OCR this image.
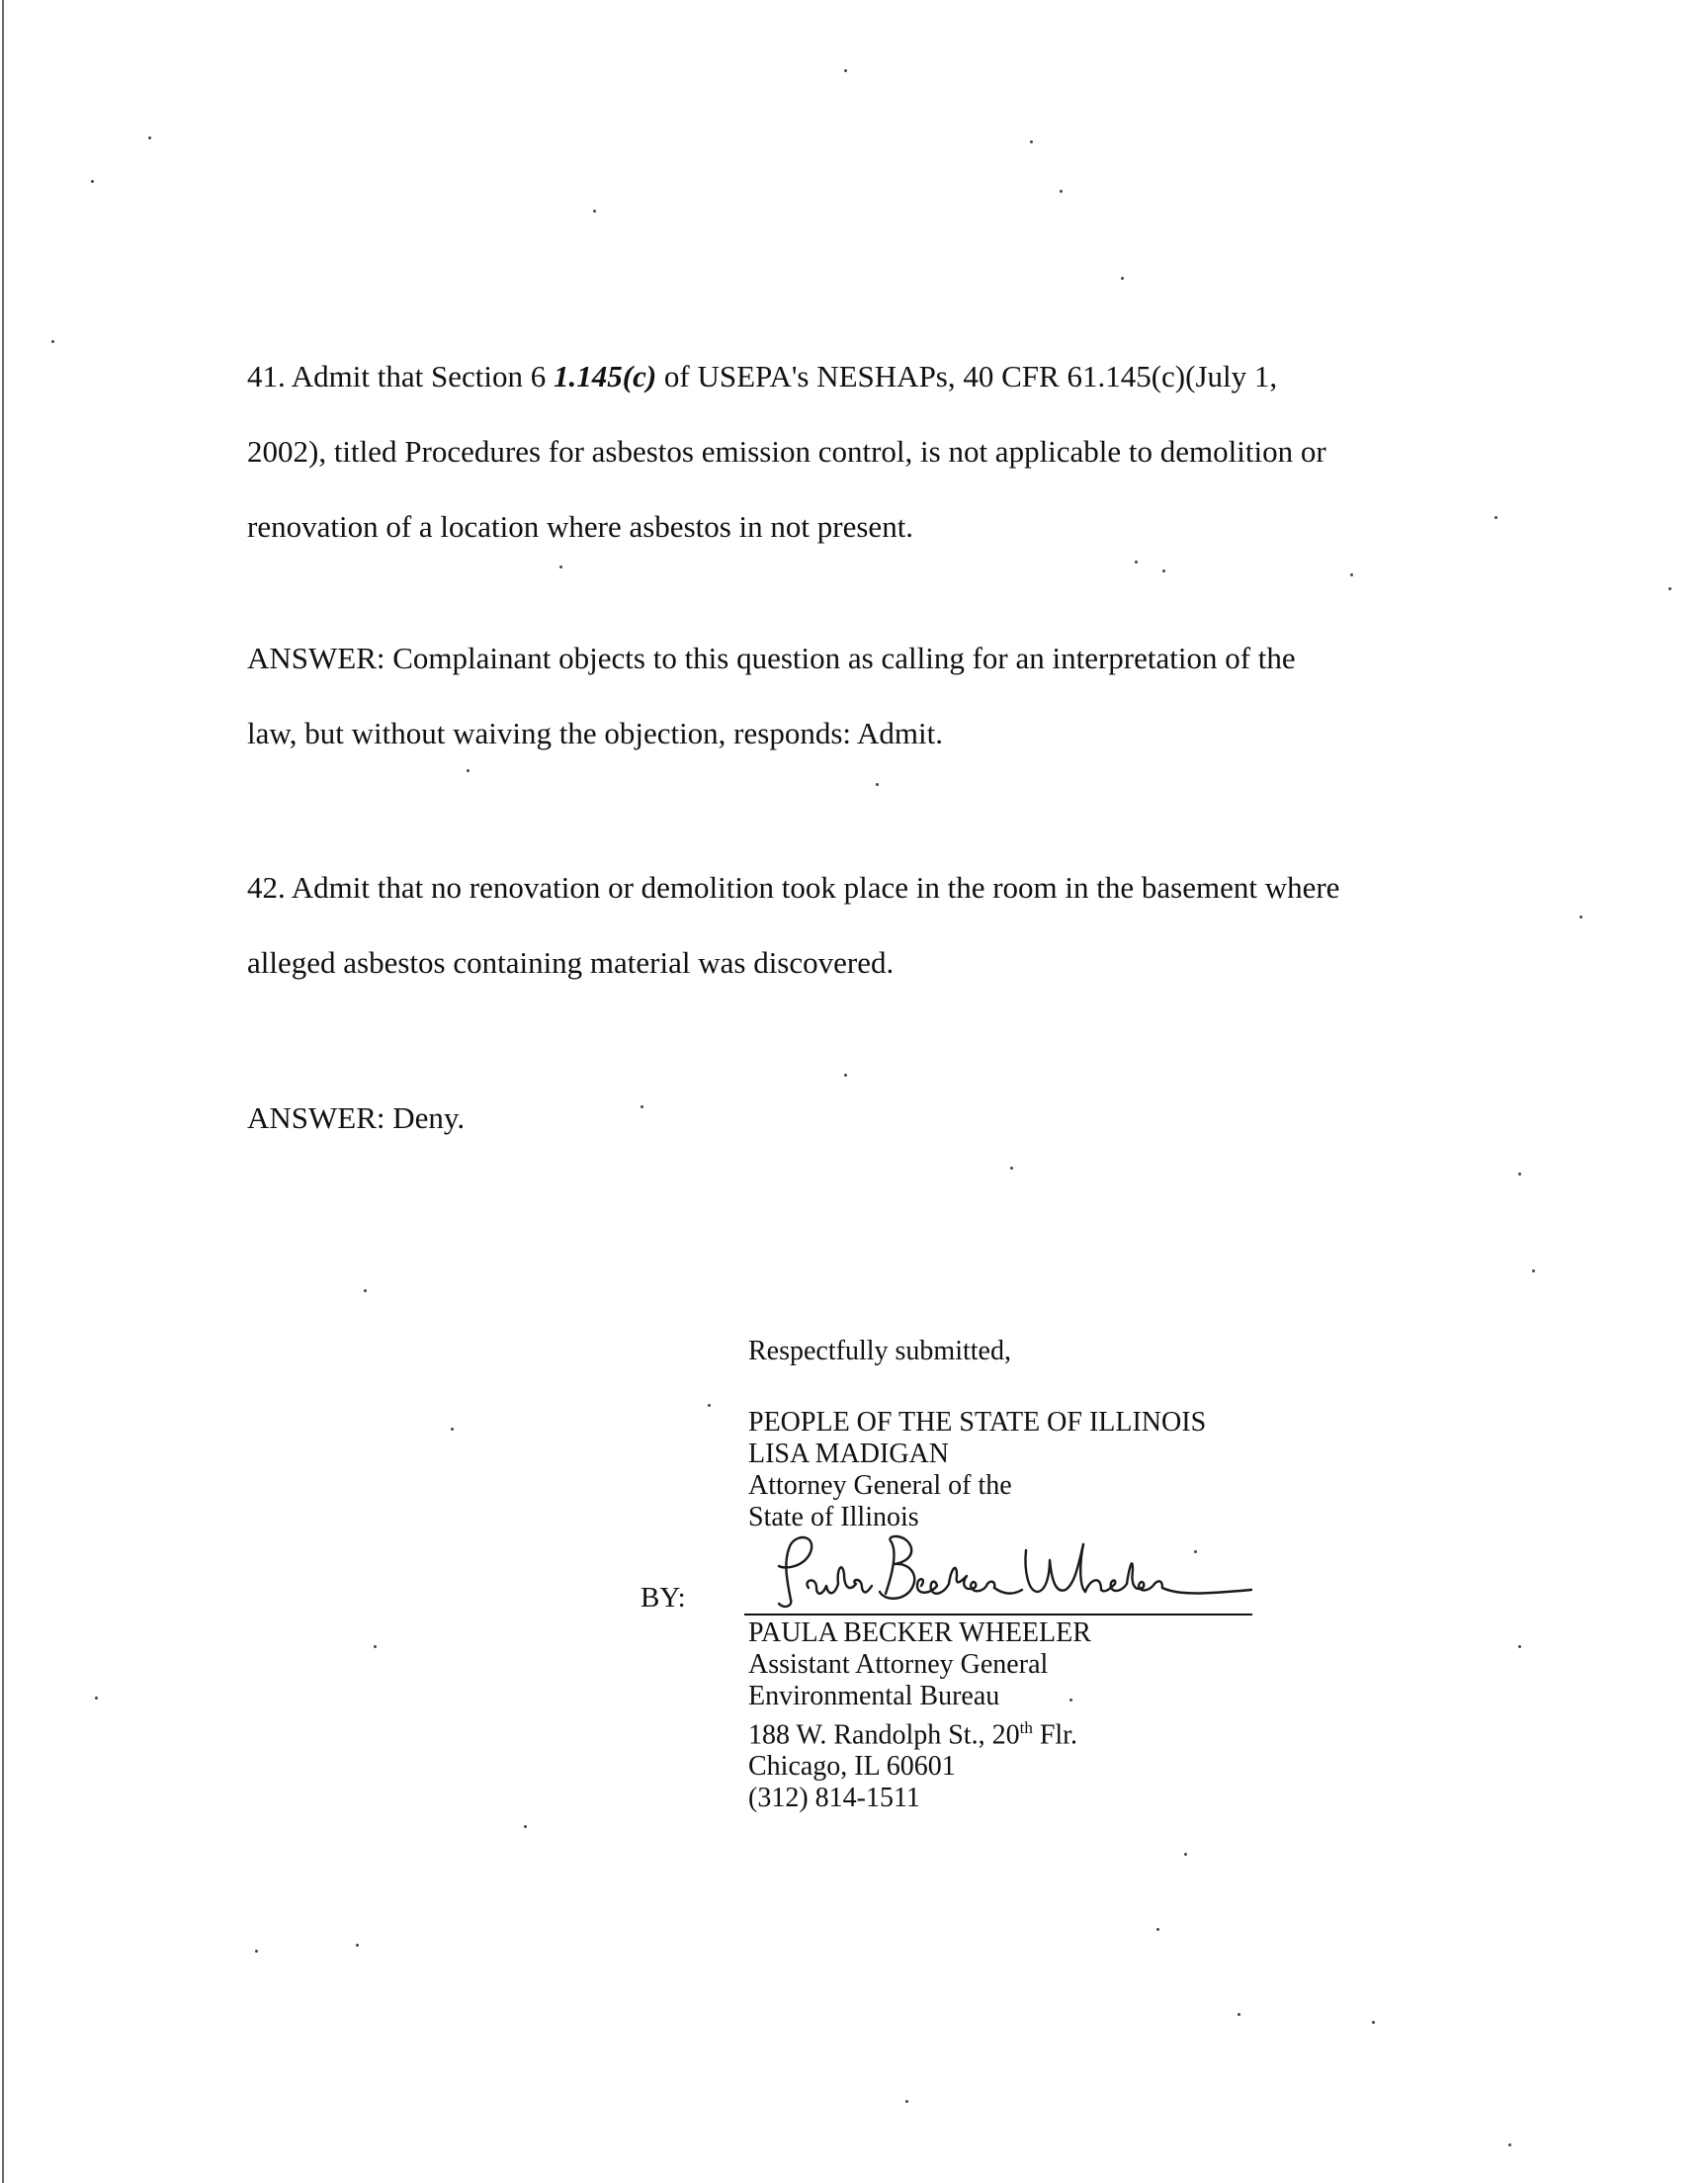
41. Admit that Section 6 1.145(c) of USEPA's NESHAPs, 40 CFR 61.145(c)(July 1,
2002), titled Procedures for asbestos emission control, is not applicable to demolition or
renovation of a location where asbestos in not present.
ANSWER: Complainant objects to this question as calling for an interpretation of the
law, but without waiving the objection, responds: Admit.
42. Admit that no renovation or demolition took place in the room in the basement where
alleged asbestos containing material was discovered.
ANSWER: Deny.
Respectfully submitted,
PEOPLE OF THE STATE OF ILLINOIS
LISA MADIGAN
Attorney General of the
State of Illinois
BY:
PAULA BECKER WHEELER
Assistant Attorney General
Environmental Bureau
188 W. Randolph St., 20th Flr.
Chicago, IL 60601
(312) 814-1511
